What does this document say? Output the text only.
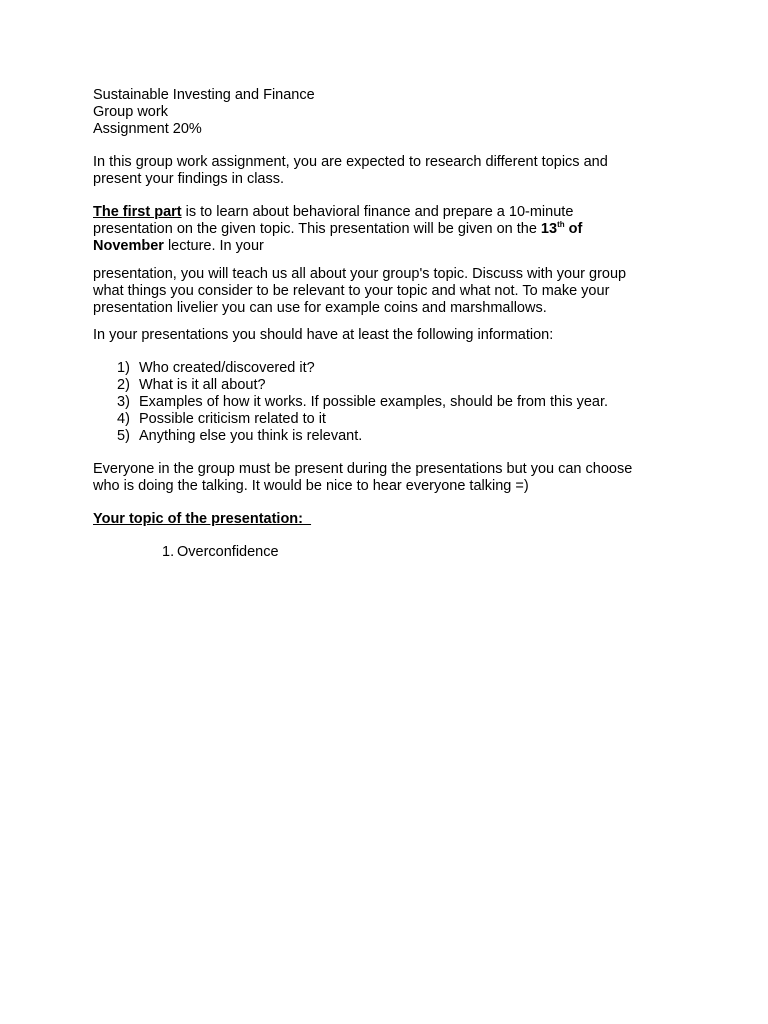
Sustainable Investing and Finance
Group work
Assignment 20%

In this group work assignment, you are expected to research different topics and
present your findings in class.

The first part is to learn about behavioral finance and prepare a 10-minute
presentation on the given topic. This presentation will be given on the 13th of
November lecture. In your

presentation, you will teach us all about your group's topic. Discuss with your group
what things you consider to be relevant to your topic and what not. To make your
presentation livelier you can use for example coins and marshmallows.

In your presentations you should have at least the following information:

1) Who created/discovered it?
2) What is it all about?
3) Examples of how it works. If possible examples, should be from this year.
4) Possible criticism related to it
5) Anything else you think is relevant.

Everyone in the group must be present during the presentations but you can choose
who is doing the talking. It would be nice to hear everyone talking =)

Your topic of the presentation:

1. Overconfidence
